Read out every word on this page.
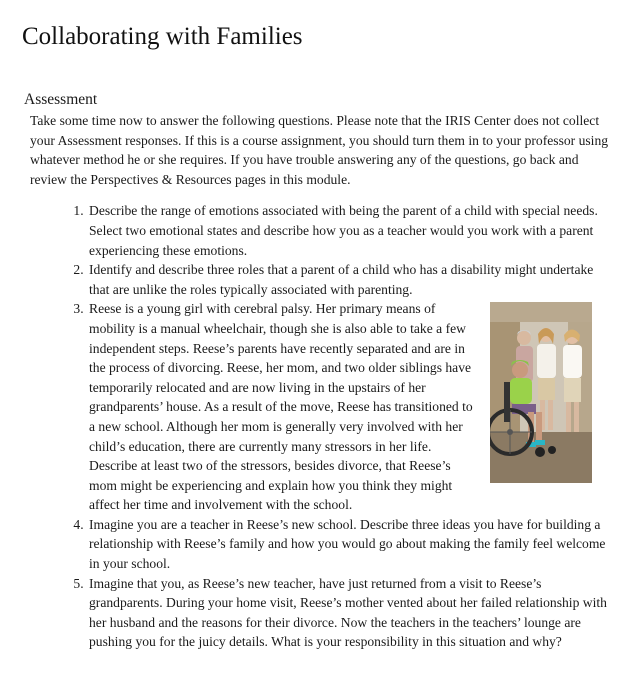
Collaborating with Families
Assessment

Take some time now to answer the following questions. Please note that the IRIS Center does not collect your Assessment responses. If this is a course assignment, you should turn them in to your professor using whatever method he or she requires. If you have trouble answering any of the questions, go back and review the Perspectives & Resources pages in this module.

1. Describe the range of emotions associated with being the parent of a child with special needs. Select two emotional states and describe how you as a teacher would you work with a parent experiencing these emotions.
2. Identify and describe three roles that a parent of a child who has a disability might undertake that are unlike the roles typically associated with parenting.
3. Reese is a young girl with cerebral palsy. Her primary means of mobility is a manual wheelchair, though she is also able to take a few independent steps. Reese’s parents have recently separated and are in the process of divorcing. Reese, her mom, and two older siblings have temporarily relocated and are now living in the upstairs of her grandparents’ house. As a result of the move, Reese has transitioned to a new school. Although her mom is generally very involved with her child’s education, there are currently many stressors in her life. Describe at least two of the stressors, besides divorce, that Reese’s mom might be experiencing and explain how you think they might affect her time and involvement with the school.
4. Imagine you are a teacher in Reese’s new school. Describe three ideas you have for building a relationship with Reese’s family and how you would go about making the family feel welcome in your school.
5. Imagine that you, as Reese’s new teacher, have just returned from a visit to Reese’s grandparents. During your home visit, Reese’s mother vented about her failed relationship with her husband and the reasons for their divorce. Now the teachers in the teachers’ lounge are pushing you for the juicy details. What is your responsibility in this situation and why?
